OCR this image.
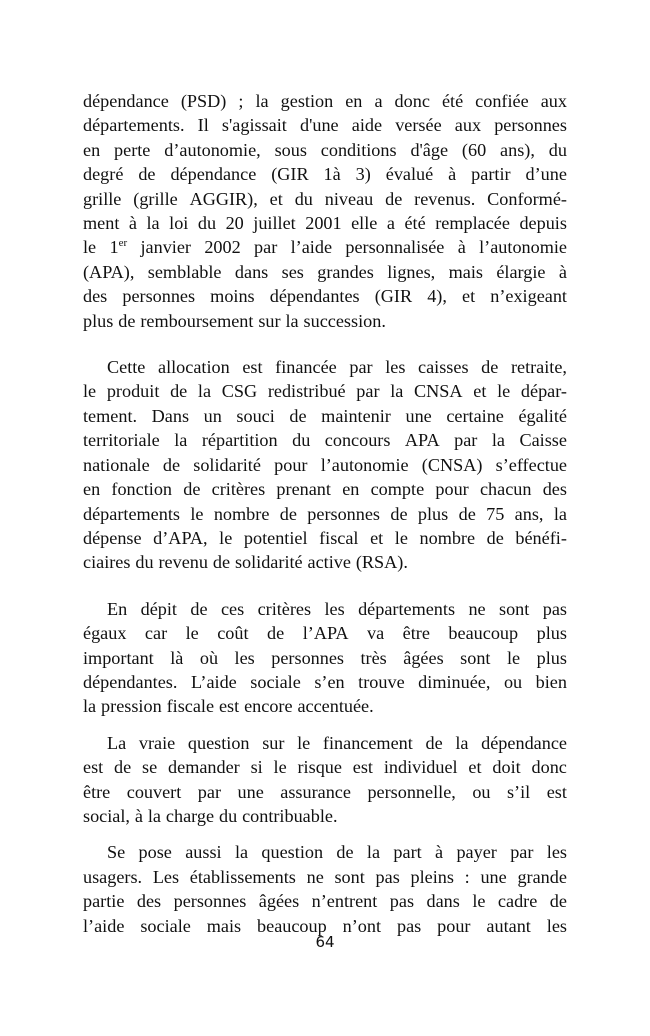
dépendance (PSD) ; la gestion en a donc été confiée aux
départements. Il s'agissait d'une aide versée aux personnes
en perte d’autonomie, sous conditions d'âge (60 ans), du
degré de dépendance (GIR 1à 3) évalué à partir d’une
grille (grille AGGIR), et du niveau de revenus. Conformé-
ment à la loi du 20 juillet 2001 elle a été remplacée depuis
le 1er janvier 2002 par l’aide personnalisée à l’autonomie
(APA), semblable dans ses grandes lignes, mais élargie à
des personnes moins dépendantes (GIR 4), et n’exigeant
plus de remboursement sur la succession.
Cette allocation est financée par les caisses de retraite,
le produit de la CSG redistribué par la CNSA et le dépar-
tement. Dans un souci de maintenir une certaine égalité
territoriale la répartition du concours APA par la Caisse
nationale de solidarité pour l’autonomie (CNSA) s’effectue
en fonction de critères prenant en compte pour chacun des
départements le nombre de personnes de plus de 75 ans, la
dépense d’APA, le potentiel fiscal et le nombre de bénéfi-
ciaires du revenu de solidarité active (RSA).
En dépit de ces critères les départements ne sont pas
égaux car le coût de l’APA va être beaucoup plus
important là où les personnes très âgées sont le plus
dépendantes. L’aide sociale s’en trouve diminuée, ou bien
la pression fiscale est encore accentuée.
La vraie question sur le financement de la dépendance
est de se demander si le risque est individuel et doit donc
être couvert par une assurance personnelle, ou s’il est
social, à la charge du contribuable.
Se pose aussi la question de la part à payer par les
usagers. Les établissements ne sont pas pleins : une grande
partie des personnes âgées n’entrent pas dans le cadre de
l’aide sociale mais beaucoup n’ont pas pour autant les
64
